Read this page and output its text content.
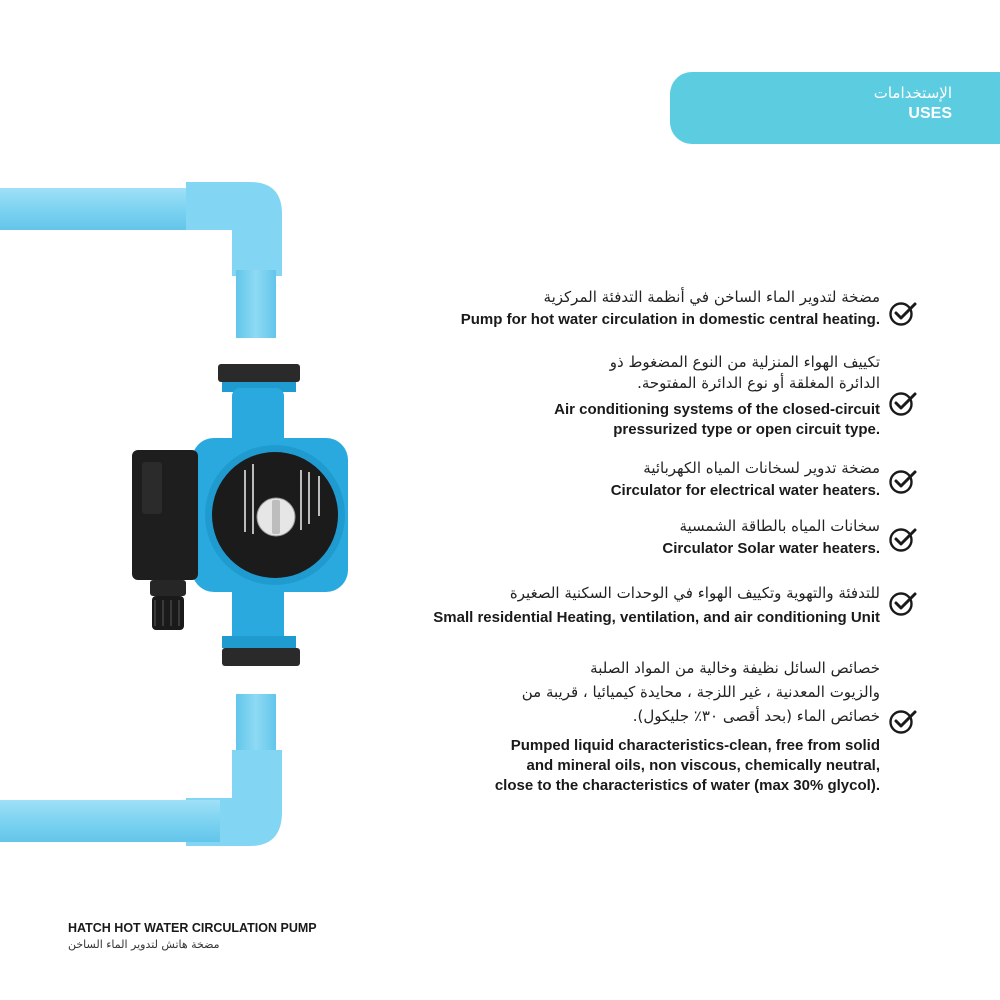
الإستخدامات
USES
مضخة لتدوير الماء الساخن في أنظمة التدفئة المركزية
Pump for hot water circulation in domestic central heating.
تكييف الهواء المنزلية من النوع المضغوط ذو
الدائرة المغلقة أو نوع الدائرة المفتوحة.
Air conditioning systems of the closed-circuit
pressurized type or open circuit type.
مضخة تدوير لسخانات المياه الكهربائية
Circulator for electrical water heaters.
سخانات المياه بالطاقة الشمسية
Circulator Solar water heaters.
للتدفئة والتهوية وتكييف الهواء في الوحدات السكنية الصغيرة
Small residential Heating, ventilation, and air conditioning Unit
خصائص السائل نظيفة وخالية من المواد الصلبة
والزيوت المعدنية ، غير اللزجة ، محايدة كيميائيا ، قريبة من
خصائص الماء (بحد أقصى ٣٠٪ جليكول).
Pumped liquid characteristics-clean, free from solid
and mineral oils, non viscous, chemically neutral,
close to the characteristics of water (max 30% glycol).
HATCH HOT WATER CIRCULATION PUMP
مضخة هاتش لتدوير الماء الساخن
